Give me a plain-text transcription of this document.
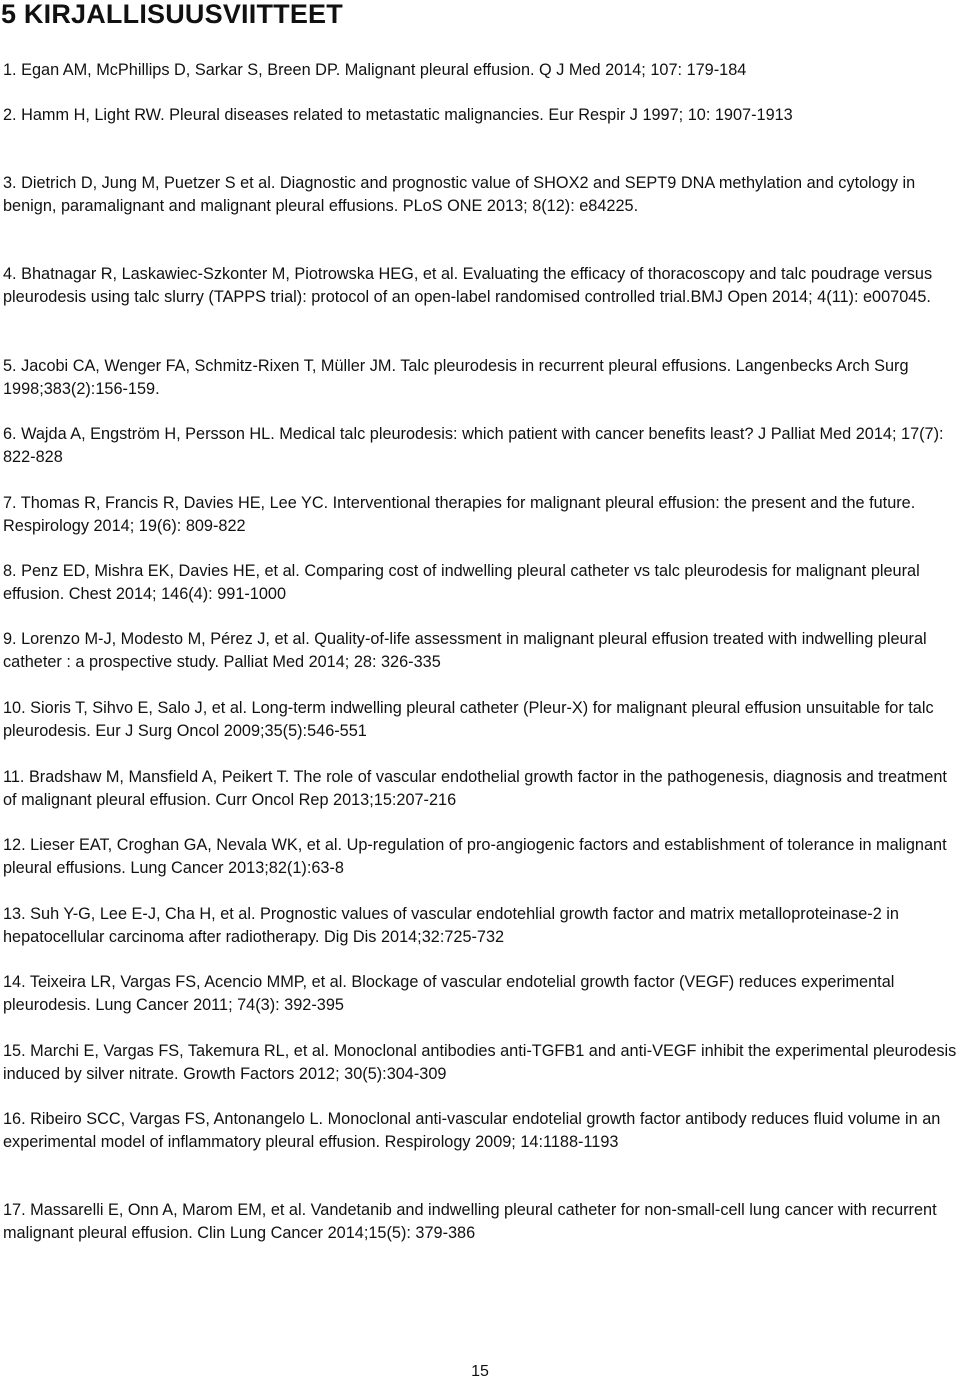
5 KIRJALLISUUSVIITTEET
1. Egan AM, McPhillips D, Sarkar S, Breen DP. Malignant pleural effusion. Q J Med 2014; 107: 179-184
2. Hamm H, Light RW. Pleural diseases related to metastatic malignancies. Eur Respir J 1997; 10: 1907-1913
3. Dietrich D, Jung M, Puetzer S et al. Diagnostic and prognostic value of SHOX2 and SEPT9 DNA methylation and cytology in benign, paramalignant and malignant pleural effusions. PLoS ONE 2013; 8(12): e84225.
4. Bhatnagar R, Laskawiec-Szkonter M, Piotrowska HEG, et al. Evaluating the efficacy of thoracoscopy and talc poudrage versus pleurodesis using talc slurry (TAPPS trial): protocol of an open-label randomised controlled trial.BMJ Open 2014; 4(11): e007045.
5. Jacobi CA, Wenger FA, Schmitz-Rixen T, Müller JM. Talc pleurodesis in recurrent pleural effusions. Langenbecks Arch Surg 1998;383(2):156-159.
6. Wajda A, Engström H, Persson HL. Medical talc pleurodesis: which patient with cancer benefits least? J Palliat Med 2014; 17(7): 822-828
7. Thomas R, Francis R, Davies HE, Lee YC. Interventional therapies for malignant pleural effusion: the present and the future. Respirology 2014; 19(6): 809-822
8. Penz ED, Mishra EK, Davies HE, et al. Comparing cost of indwelling pleural catheter vs talc pleurodesis for malignant pleural effusion. Chest 2014; 146(4): 991-1000
9. Lorenzo M-J, Modesto M, Pérez J, et al. Quality-of-life assessment in malignant pleural effusion treated with indwelling pleural catheter : a prospective study. Palliat Med 2014; 28: 326-335
10. Sioris T, Sihvo E, Salo J, et al. Long-term indwelling pleural catheter (Pleur-X) for malignant pleural effusion unsuitable for talc pleurodesis. Eur J Surg Oncol 2009;35(5):546-551
11. Bradshaw M, Mansfield A, Peikert T. The role of vascular endothelial growth factor in the pathogenesis, diagnosis and treatment of malignant pleural effusion. Curr Oncol Rep 2013;15:207-216
12. Lieser EAT, Croghan GA, Nevala WK, et al. Up-regulation of pro-angiogenic factors and establishment of tolerance in malignant pleural effusions. Lung Cancer 2013;82(1):63-8
13. Suh Y-G, Lee E-J, Cha H, et al. Prognostic values of vascular endotehlial growth factor and matrix metalloproteinase-2 in hepatocellular carcinoma after radiotherapy. Dig Dis 2014;32:725-732
14. Teixeira LR, Vargas FS, Acencio MMP, et al. Blockage of vascular endotelial growth factor (VEGF) reduces experimental pleurodesis. Lung Cancer 2011; 74(3): 392-395
15. Marchi E, Vargas FS, Takemura RL, et al. Monoclonal antibodies anti-TGFB1 and anti-VEGF inhibit the experimental pleurodesis induced by silver nitrate. Growth Factors 2012; 30(5):304-309
16. Ribeiro SCC, Vargas FS, Antonangelo L. Monoclonal anti-vascular endotelial growth factor antibody reduces fluid volume in an experimental model of inflammatory pleural effusion. Respirology 2009; 14:1188-1193
17. Massarelli E, Onn A, Marom EM, et al. Vandetanib and indwelling pleural catheter for non-small-cell lung cancer with recurrent malignant pleural effusion. Clin Lung Cancer 2014;15(5): 379-386
15
